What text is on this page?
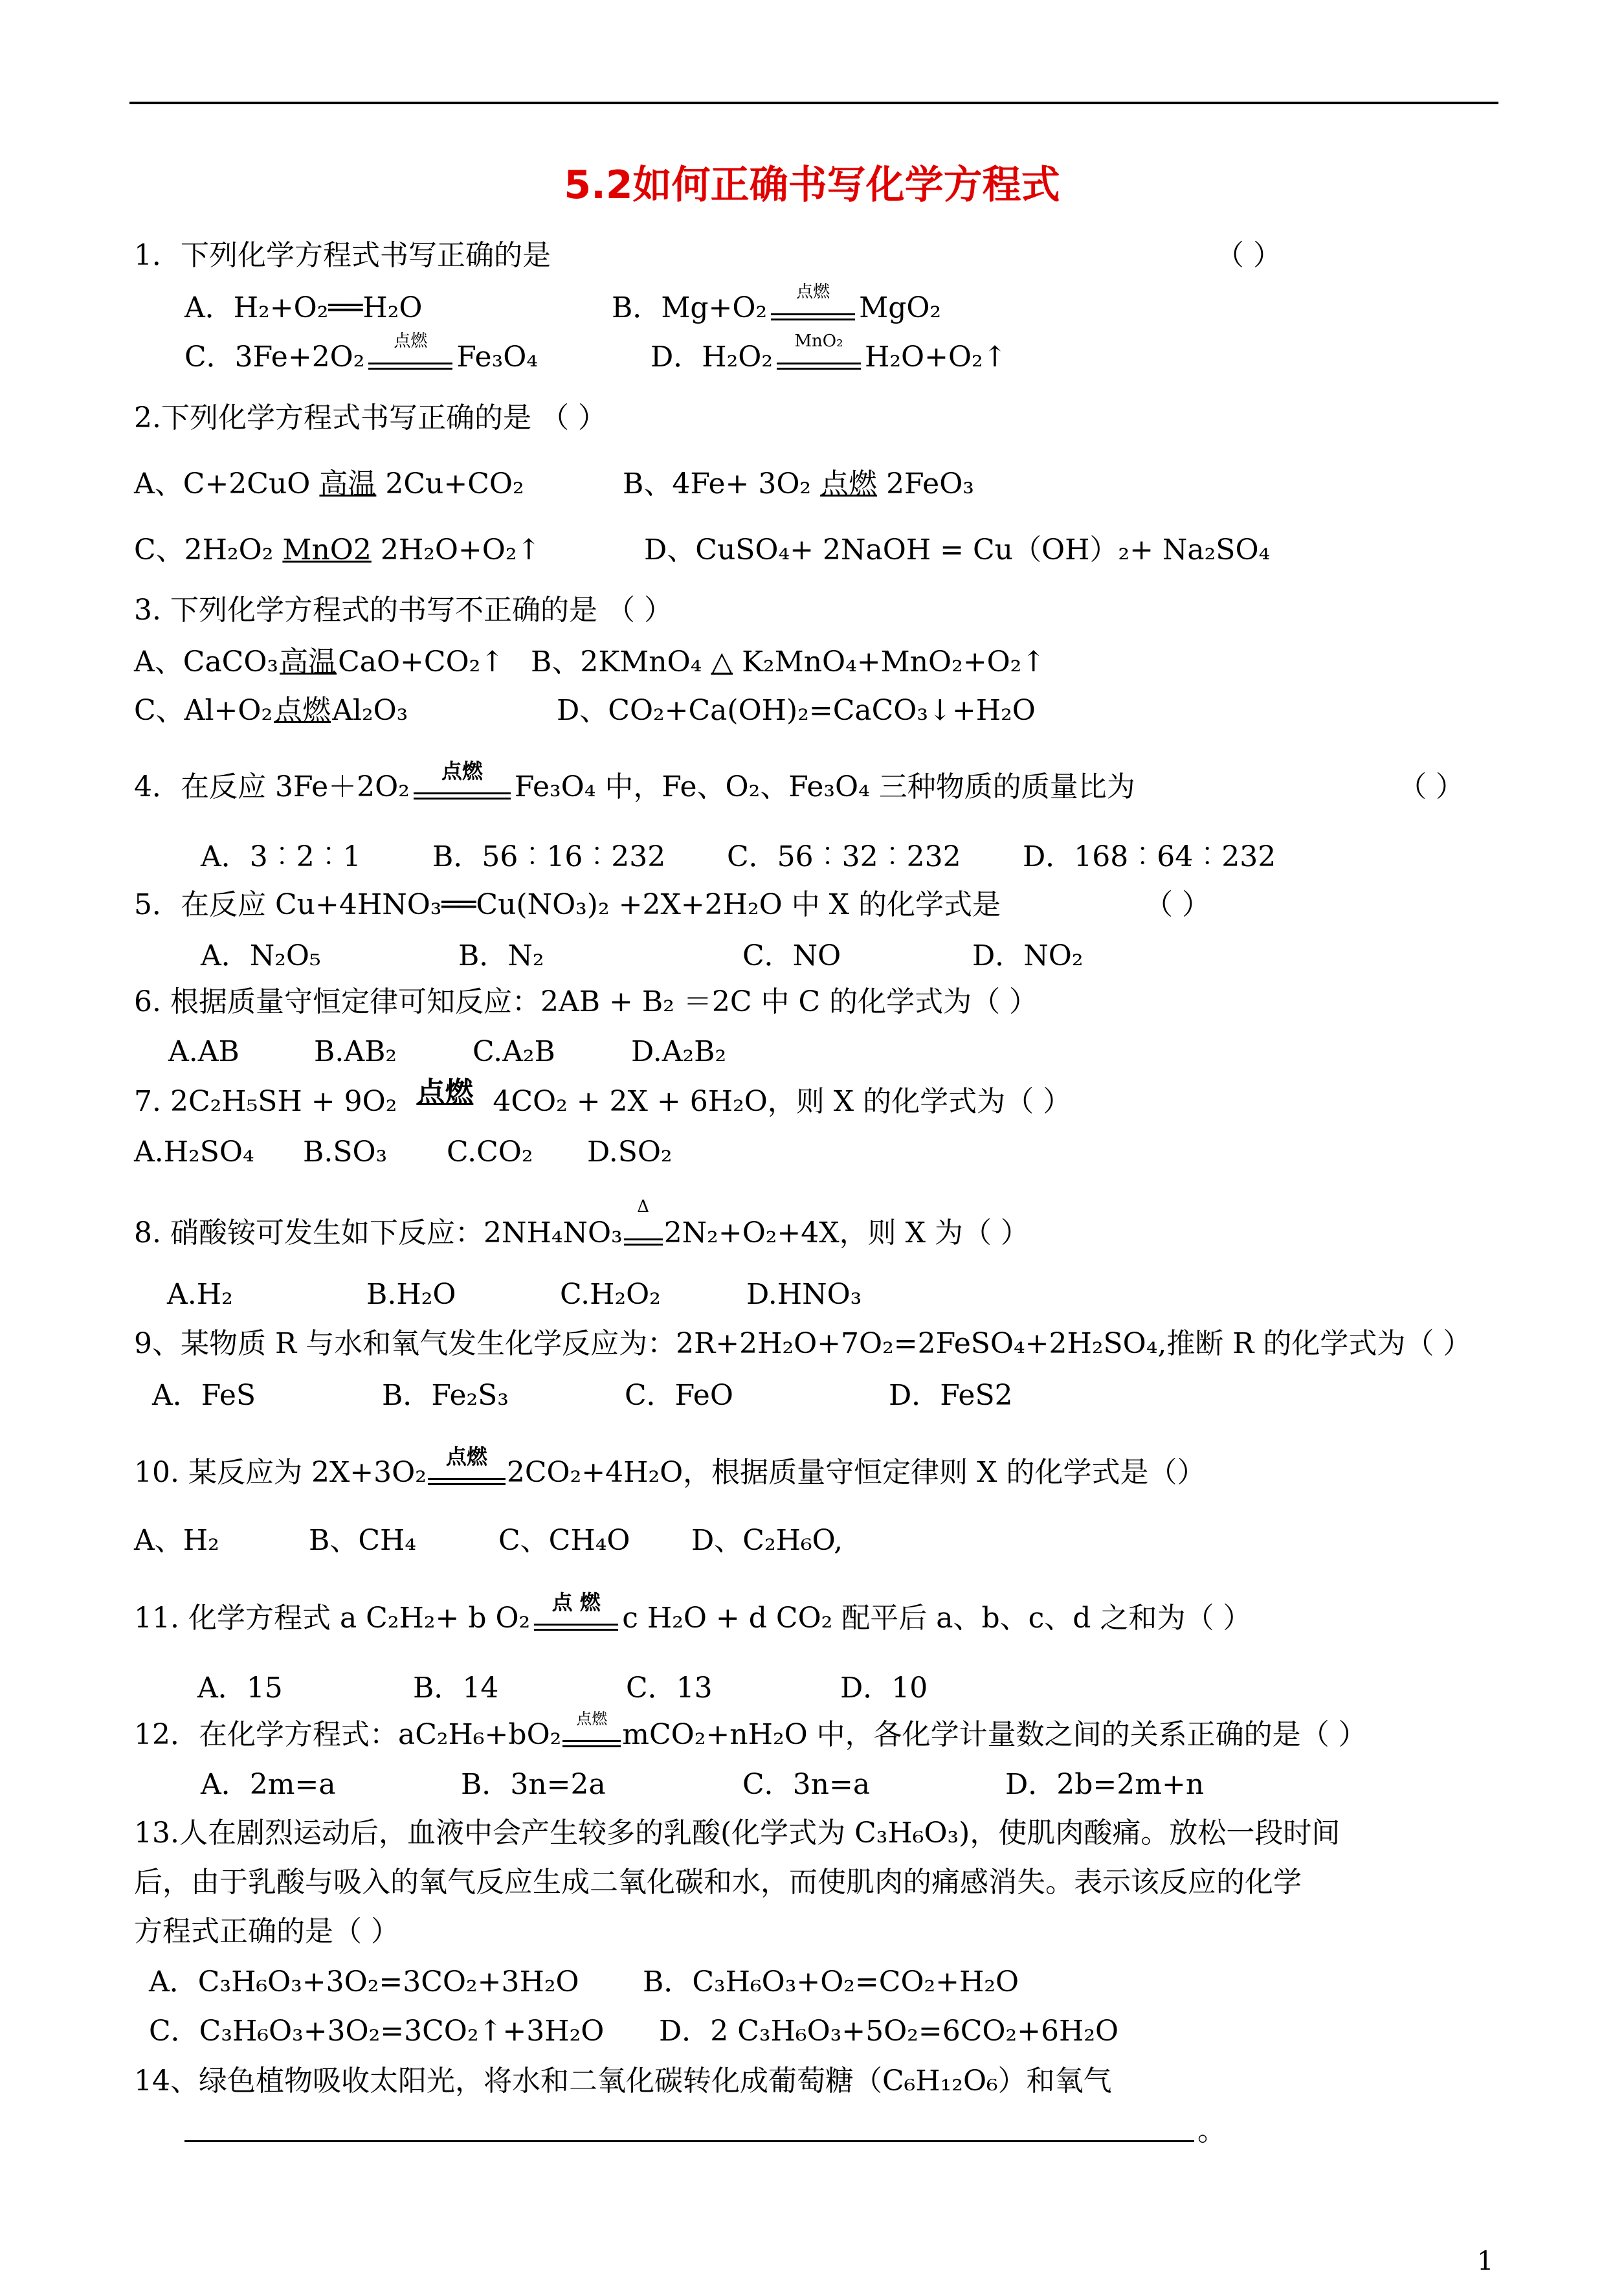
5.2如何正确书写化学方程式
1．下列化学方程式书写正确的是	（ ）
A．H₂+O₂══H₂O	B．Mg+O₂	点燃	MgO₂
C．3Fe+2O₂	点燃	Fe₃O₄	D．H₂O₂	MnO₂ H₂O+O₂↑
2.下列化学方程式书写正确的是 （ ）
A、C+2CuO 高温 2Cu+CO₂	B、4Fe+ 3O₂ 点燃 2FeO₃
C、2H₂O₂ MnO2 2H₂O+O₂↑	D、CuSO₄+ 2NaOH = Cu（OH）₂+ Na₂SO₄
3. 下列化学方程式的书写不正确的是 （ ）
A、CaCO₃高温CaO+CO₂↑ B、2KMnO₄ △ K₂MnO₄+MnO₂+O₂↑
C、Al+O₂点燃Al₂O₃	D、CO₂+Ca(OH)₂=CaCO₃↓+H₂O
4．在反应 3Fe＋2O₂	点燃	Fe₃O₄ 中，Fe、O₂、Fe₃O₄ 三种物质的质量比为	（ ）
A．3︰2︰1	B．56︰16︰232 C．56︰32︰232 D．168︰64︰232
5．在反应 Cu+4HNO₃══Cu(NO₃)₂ +2X+2H₂O 中 X 的化学式是	（ ）
A．N₂O₅	B．N₂	C．NO	D．NO₂
6. 根据质量守恒定律可知反应：2AB + B₂ ＝2C 中 C 的化学式为（ ）
A.AB	B.AB₂	C.A₂B	D.A₂B₂
7. 2C₂H₅SH + 9O₂ 点燃 4CO₂ + 2X + 6H₂O，则 X 的化学式为（ ）
A.H₂SO₄ B.SO₃ C.CO₂ D.SO₂
8. 硝酸铵可发生如下反应：2NH₄NO₃
Δ
2N₂+O₂+4X，则 X 为（ ）
A.H₂	B.H₂O	C.H₂O₂	D.HNO₃
9、某物质 R 与水和氧气发生化学反应为：2R+2H₂O+7O₂=2FeSO₄+2H₂SO₄,推断 R 的化学式为（ ）
A．FeS	B．Fe₂S₃	C．FeO	D．FeS2
10. 某反应为 2X+3O₂ 点燃 2CO₂+4H₂O，根据质量守恒定律则 X 的化学式是（）
A、H₂	B、CH₄	C、CH₄O D、C₂H₆O,
11. 化学方程式 a C₂H₂+ b O₂	点 燃 c H₂O + d CO₂ 配平后 a、b、c、d 之和为（ ）
A．15	B．14	C．13	D．10
12．在化学方程式：aC₂H₆+bO₂ 点燃 mCO₂+nH₂O 中，各化学计量数之间的关系正确的是（ ）
A．2m=a	B．3n=2a	C．3n=a	D．2b=2m+n
13.人在剧烈运动后，血液中会产生较多的乳酸(化学式为 C₃H₆O₃)，使肌肉酸痛。放松一段时间
后，由于乳酸与吸入的氧气反应生成二氧化碳和水，而使肌肉的痛感消失。表示该反应的化学
方程式正确的是（ ）
A．C₃H₆O₃+3O₂=3CO₂+3H₂O B．C₃H₆O₃+O₂=CO₂+H₂O
C．C₃H₆O₃+3O₂=3CO₂↑+3H₂O D．2 C₃H₆O₃+5O₂=6CO₂+6H₂O
14、绿色植物吸收太阳光，将水和二氧化碳转化成葡萄糖（C₆H₁₂O₆）和氧气
。
1
